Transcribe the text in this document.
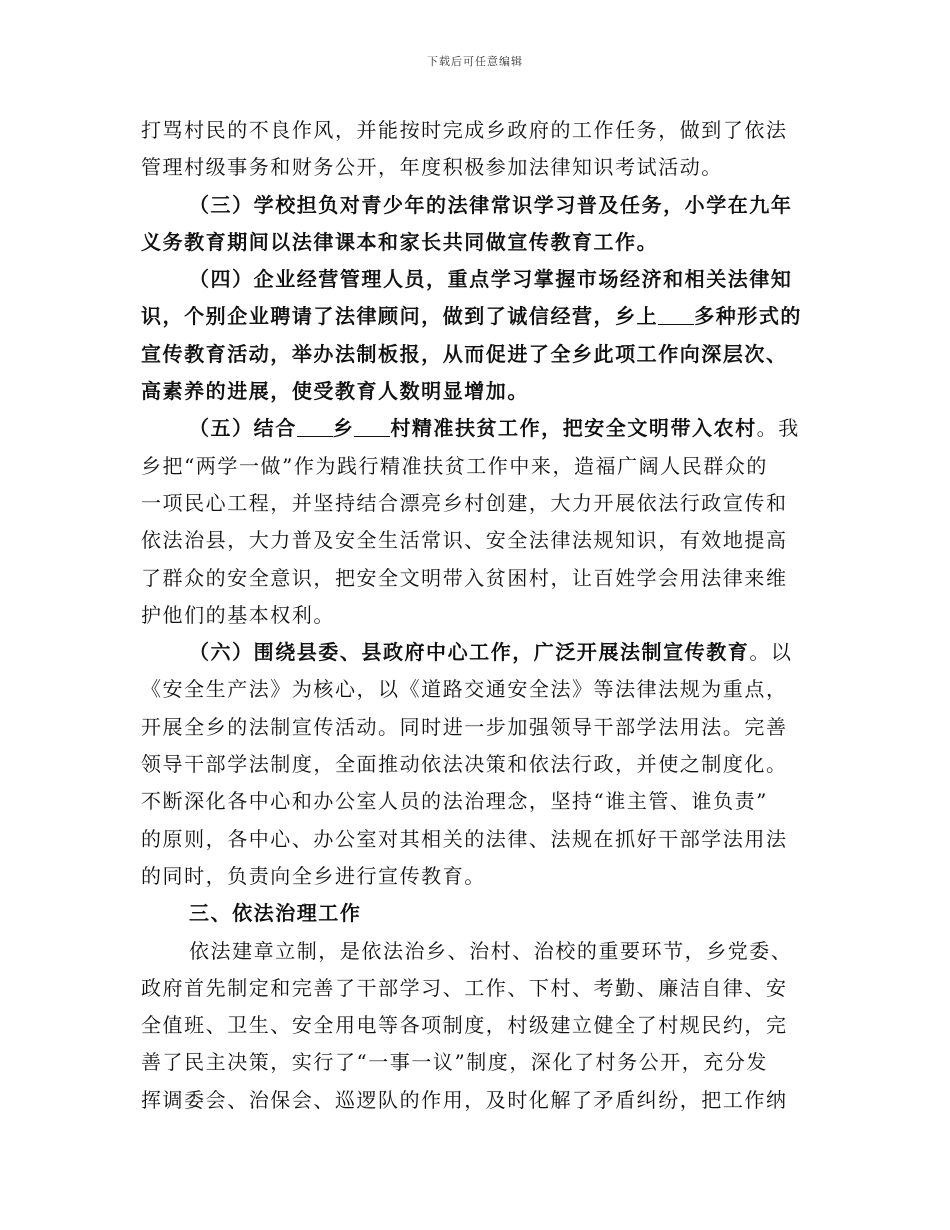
下载后可任意编辑
打骂村民的不良作风，并能按时完成乡政府的工作任务，做到了依法
管理村级事务和财务公开，年度积极参加法律知识考试活动。
（三）学校担负对青少年的法律常识学习普及任务，小学在九年
义务教育期间以法律课本和家长共同做宣传教育工作。
（四）企业经营管理人员，重点学习掌握市场经济和相关法律知
识，个别企业聘请了法律顾问，做到了诚信经营，乡上 多种形式的
宣传教育活动，举办法制板报，从而促进了全乡此项工作向深层次、
高素养的进展，使受教育人数明显增加。
（五）结合 乡 村精准扶贫工作，把安全文明带入农村。我
乡把“两学一做”作为践行精准扶贫工作中来，造福广阔人民群众的
一项民心工程，并坚持结合漂亮乡村创建，大力开展依法行政宣传和
依法治县，大力普及安全生活常识、安全法律法规知识，有效地提高
了群众的安全意识，把安全文明带入贫困村，让百姓学会用法律来维
护他们的基本权利。
（六）围绕县委、县政府中心工作，广泛开展法制宣传教育。以
《安全生产法》为核心，以《道路交通安全法》等法律法规为重点，
开展全乡的法制宣传活动。同时进一步加强领导干部学法用法。完善
领导干部学法制度，全面推动依法决策和依法行政，并使之制度化。
不断深化各中心和办公室人员的法治理念，坚持“谁主管、谁负责”
的原则，各中心、办公室对其相关的法律、法规在抓好干部学法用法
的同时，负责向全乡进行宣传教育。
三、依法治理工作
依法建章立制，是依法治乡、治村、治校的重要环节，乡党委、
政府首先制定和完善了干部学习、工作、下村、考勤、廉洁自律、安
全值班、卫生、安全用电等各项制度，村级建立健全了村规民约，完
善了民主决策，实行了“一事一议”制度，深化了村务公开，充分发
挥调委会、治保会、巡逻队的作用，及时化解了矛盾纠纷，把工作纳
